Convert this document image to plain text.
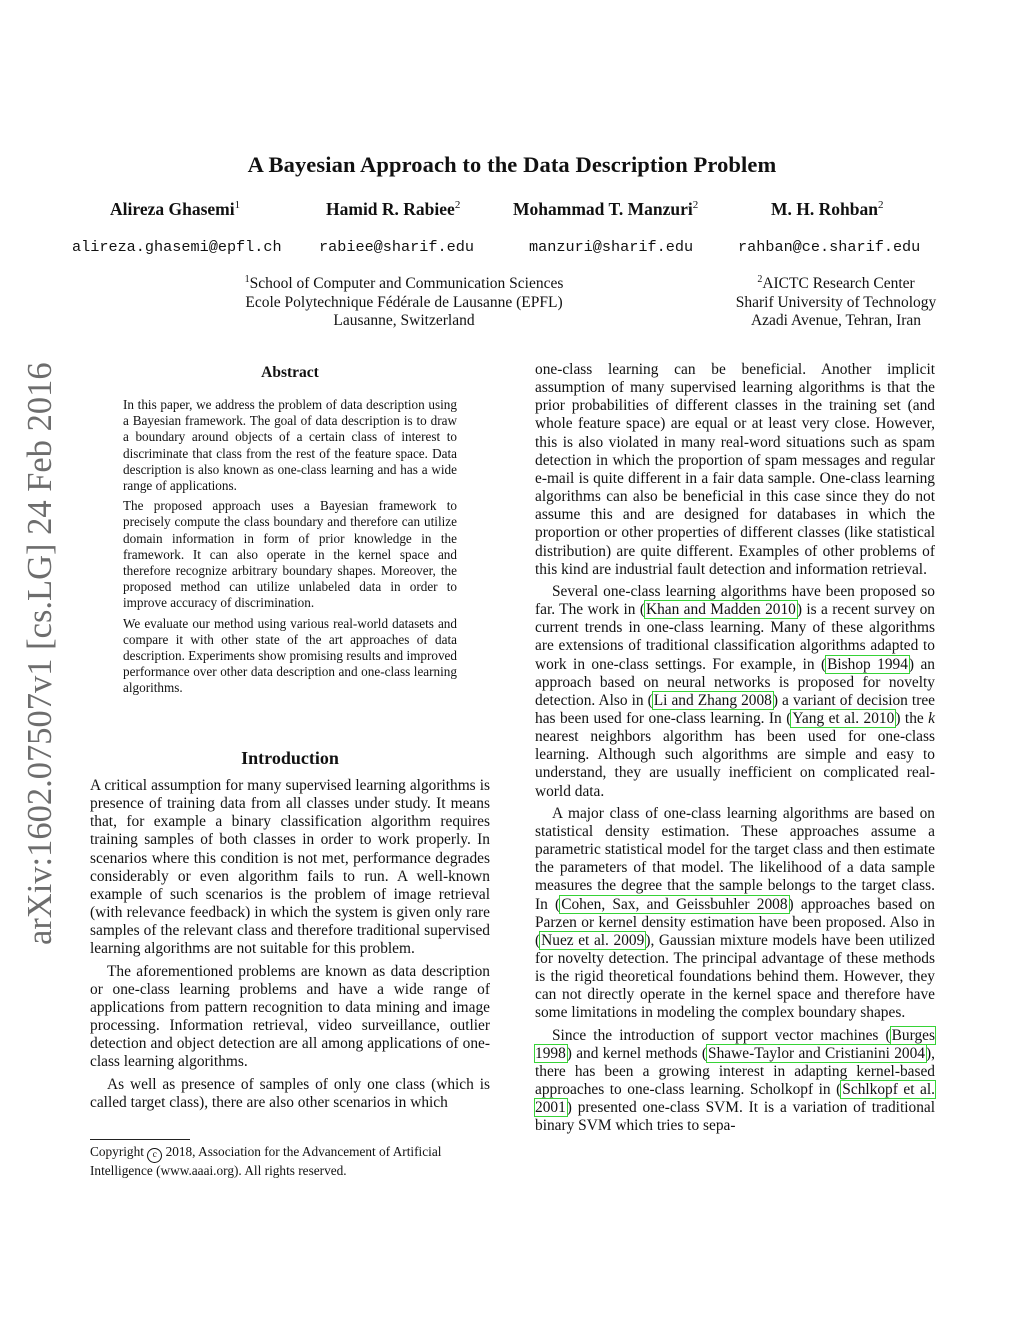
A Bayesian Approach to the Data Description Problem
Alireza Ghasemi$^1$	Hamid R. Rabiee$^2$	Mohammad T. Manzuri$^2$	M. H. Rohban$^2$
alireza.ghasemi@epfl.ch rabiee@sharif.edu	manzuri@sharif.edu	rahban@ce.sharif.edu
$^1$School of Computer and Communication Sciences
Ecole Polytechnique Fédérale de Lausanne (EPFL)
Lausanne, Switzerland
$^2$AICTC Research Center
Sharif University of Technology
Azadi Avenue, Tehran, Iran
arXiv:1602.07507v1 [cs.LG] 24 Feb 2016	Abstract

In this paper, we address the problem of data description using a Bayesian framework. The goal of data description is to draw a boundary around objects of a certain class of interest to discriminate that class from the rest of the feature space. Data description is also known as one-class learning and has a wide range of applications.

The proposed approach uses a Bayesian framework to precisely compute the class boundary and therefore can utilize domain information in form of prior knowledge in the framework. It can also operate in the kernel space and therefore recognize arbitrary boundary shapes. Moreover, the proposed method can utilize unlabeled data in order to improve accuracy of discrimination.

We evaluate our method using various real-world datasets and compare it with other state of the art approaches of data description. Experiments show promising results and improved performance over other data description and one-class learning algorithms.

Introduction

A critical assumption for many supervised learning algorithms is presence of training data from all classes under study. It means that, for example a binary classification algorithm requires training samples of both classes in order to work properly. In scenarios where this condition is not met, performance degrades considerably or even algorithm fails to run. A well-known example of such scenarios is the problem of image retrieval (with relevance feedback) in which the system is given only rare samples of the relevant class and therefore traditional supervised learning algorithms are not suitable for this problem.

The aforementioned problems are known as data description or one-class learning problems and have a wide range of applications from pattern recognition to data mining and image processing. Information retrieval, video surveillance, outlier detection and object detection are all among applications of one-class learning algorithms.

As well as presence of samples of only one class (which is called target class), there are also other scenarios in which

one-class learning can be beneficial. Another implicit assumption of many supervised learning algorithms is that the prior probabilities of different classes in the training set (and whole feature space) are equal or at least very close. However, this is also violated in many real-word situations such as spam detection in which the proportion of spam messages and regular e-mail is quite different in a fair data sample. One-class learning algorithms can also be beneficial in this case since they do not assume this and are designed for databases in which the proportion or other properties of different classes (like statistical distribution) are quite different. Examples of other problems of this kind are industrial fault detection and information retrieval.

Several one-class learning algorithms have been proposed so far. The work in (Khan and Madden 2010) is a recent survey on current trends in one-class learning. Many of these algorithms are extensions of traditional classification algorithms adapted to work in one-class settings. For example, in (Bishop 1994) an approach based on neural networks is proposed for novelty detection. Also in (Li and Zhang 2008) a variant of decision tree has been used for one-class learning. In (Yang et al. 2010) the k nearest neighbors algorithm has been used for one-class learning. Although such algorithms are simple and easy to understand, they are usually inefficient on complicated real-world data.

A major class of one-class learning algorithms are based on statistical density estimation. These approaches assume a parametric statistical model for the target class and then estimate the parameters of that model. The likelihood of a data sample measures the degree that the sample belongs to the target class. In (Cohen, Sax, and Geissbuhler 2008) approaches based on Parzen or kernel density estimation have been proposed. Also in (Nuez et al. 2009), Gaussian mixture models have been utilized for novelty detection. The principal advantage of these methods is the rigid theoretical foundations behind them. However, they can not directly operate in the kernel space and therefore have some limitations in modeling the complex boundary shapes.

Since the introduction of support vector machines (Burges 1998) and kernel methods (Shawe-Taylor and Cristianini 2004), there has been a growing interest in adapting kernel-based approaches to one-class learning. Scholkopf in (Schlkopf et al. 2001) presented one-class SVM. It is a variation of traditional binary SVM which tries to sepa-

Copyright c 2018, Association for the Advancement of Artificial Intelligence (www.aaai.org). All rights reserved.
